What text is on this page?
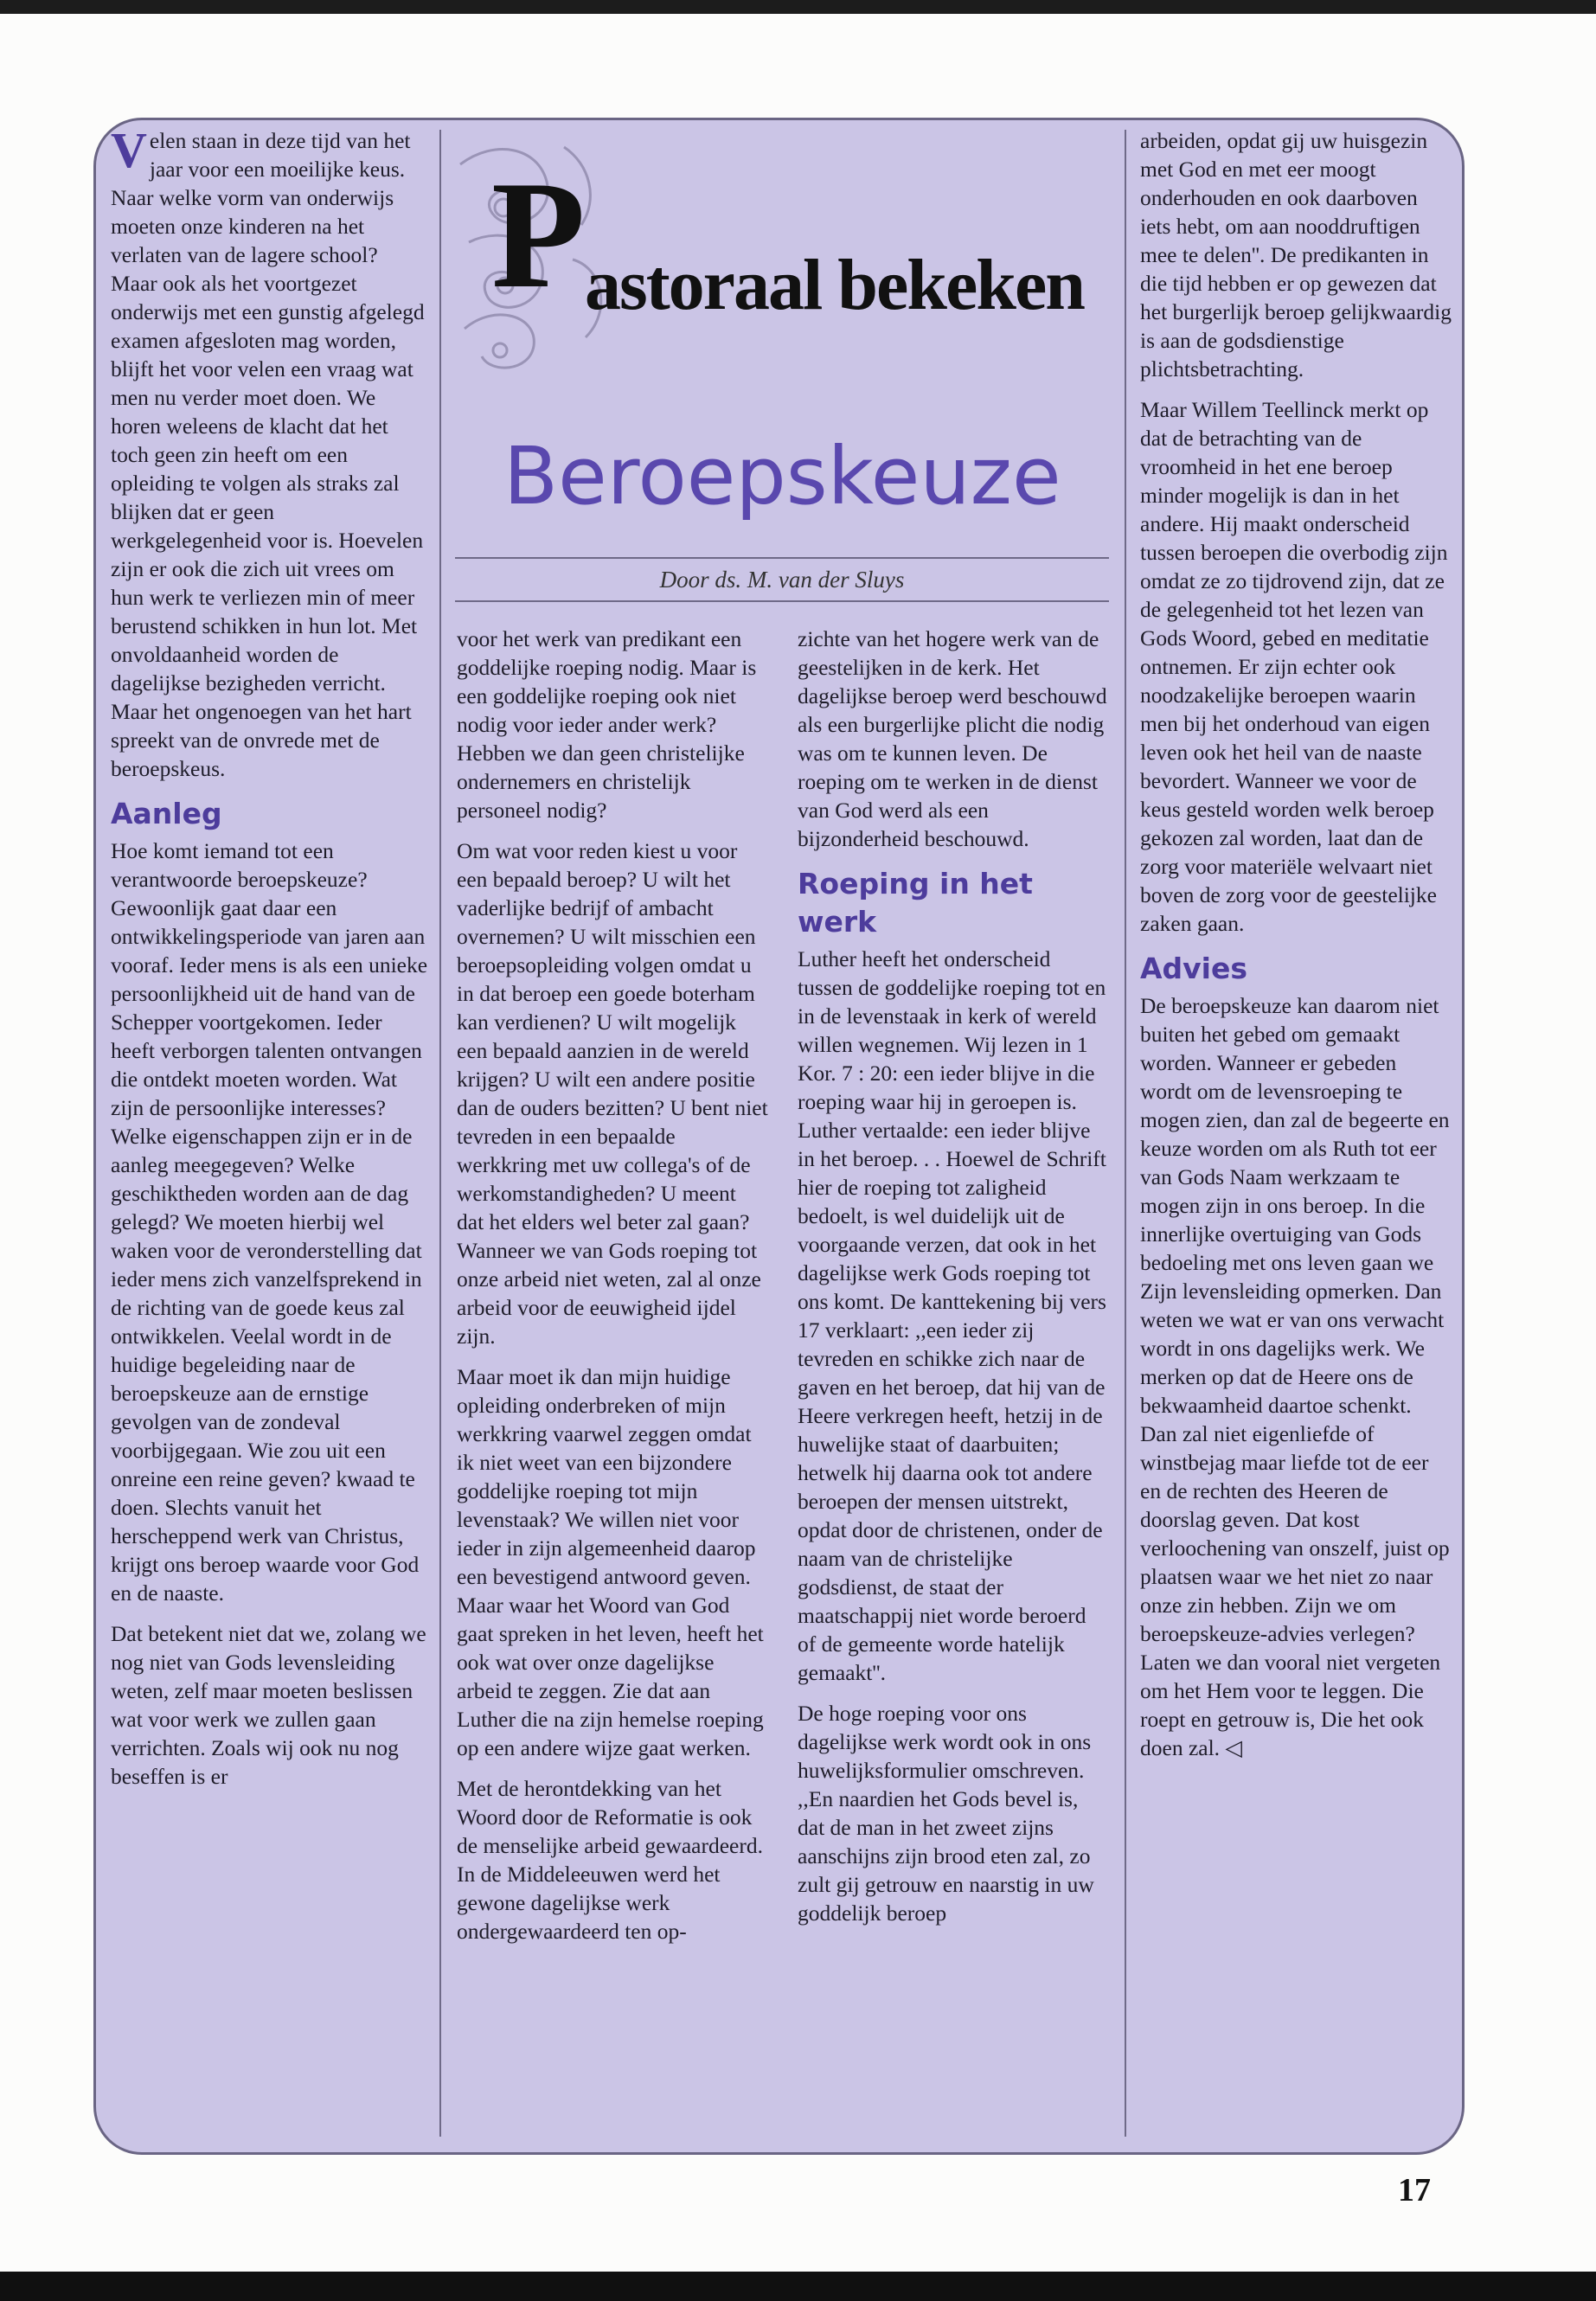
P astoraal bekeken
Beroepskeuze
Door ds. M. van der Sluys

Velen staan in deze tijd van het jaar voor een moeilijke keus. Naar welke vorm van onderwijs moeten onze kinderen na het verlaten van de lagere school? Maar ook als het voortgezet onderwijs met een gunstig afgelegd examen afgesloten mag worden, blijft het voor velen een vraag wat men nu verder moet doen. We horen weleens de klacht dat het toch geen zin heeft om een opleiding te volgen als straks zal blijken dat er geen werkgelegenheid voor is. Hoevelen zijn er ook die zich uit vrees om hun werk te verliezen min of meer berustend schikken in hun lot. Met onvoldaanheid worden de dagelijkse bezigheden verricht. Maar het ongenoegen van het hart spreekt van de onvrede met de beroepskeus.

Aanleg

Hoe komt iemand tot een verantwoorde beroepskeuze? Gewoonlijk gaat daar een ontwikkelingsperiode van jaren aan vooraf. Ieder mens is als een unieke persoonlijkheid uit de hand van de Schepper voortgekomen. Ieder heeft verborgen talenten ontvangen die ontdekt moeten worden. Wat zijn de persoonlijke interesses? Welke eigenschappen zijn er in de aanleg meegegeven? Welke geschiktheden worden aan de dag gelegd? We moeten hierbij wel waken voor de veronderstelling dat ieder mens zich vanzelfsprekend in de richting van de goede keus zal ontwikkelen. Veelal wordt in de huidige begeleiding naar de beroepskeuze aan de ernstige gevolgen van de zondeval voorbijgegaan. Wie zou uit een onreine een reine geven? kwaad te doen. Slechts vanuit het herscheppend werk van Christus, krijgt ons beroep waarde voor God en de naaste.

Dat betekent niet dat we, zolang we nog niet van Gods levensleiding weten, zelf maar moeten beslissen wat voor werk we zullen gaan verrichten. Zoals wij ook nu nog beseffen is er

voor het werk van predikant een goddelijke roeping nodig. Maar is een goddelijke roeping ook niet nodig voor ieder ander werk? Hebben we dan geen christelijke ondernemers en christelijk personeel nodig?

Om wat voor reden kiest u voor een bepaald beroep? U wilt het vaderlijke bedrijf of ambacht overnemen? U wilt misschien een beroepsopleiding volgen omdat u in dat beroep een goede boterham kan verdienen? U wilt mogelijk een bepaald aanzien in de wereld krijgen? U wilt een andere positie dan de ouders bezitten? U bent niet tevreden in een bepaalde werkkring met uw collega's of de werkomstandigheden? U meent dat het elders wel beter zal gaan? Wanneer we van Gods roeping tot onze arbeid niet weten, zal al onze arbeid voor de eeuwigheid ijdel zijn.

Maar moet ik dan mijn huidige opleiding onderbreken of mijn werkkring vaarwel zeggen omdat ik niet weet van een bijzondere goddelijke roeping tot mijn levenstaak? We willen niet voor ieder in zijn algemeenheid daarop een bevestigend antwoord geven. Maar waar het Woord van God gaat spreken in het leven, heeft het ook wat over onze dagelijkse arbeid te zeggen. Zie dat aan Luther die na zijn hemelse roeping op een andere wijze gaat werken.

Met de herontdekking van het Woord door de Reformatie is ook de menselijke arbeid gewaardeerd. In de Middeleeuwen werd het gewone dagelijkse werk ondergewaardeerd ten op-

zichte van het hogere werk van de geestelijken in de kerk. Het dagelijkse beroep werd beschouwd als een burgerlijke plicht die nodig was om te kunnen leven. De roeping om te werken in de dienst van God werd als een bijzonderheid beschouwd.

Roeping in het werk

Luther heeft het onderscheid tussen de goddelijke roeping tot en in de levenstaak in kerk of wereld willen wegnemen. Wij lezen in 1 Kor. 7 : 20: een ieder blijve in die roeping waar hij in geroepen is. Luther vertaalde: een ieder blijve in het beroep. . . Hoewel de Schrift hier de roeping tot zaligheid bedoelt, is wel duidelijk uit de voorgaande verzen, dat ook in het dagelijkse werk Gods roeping tot ons komt. De kanttekening bij vers 17 verklaart: ,,een ieder zij tevreden en schikke zich naar de gaven en het beroep, dat hij van de Heere verkregen heeft, hetzij in de huwelijke staat of daarbuiten; hetwelk hij daarna ook tot andere beroepen der mensen uitstrekt, opdat door de christenen, onder de naam van de christelijke godsdienst, de staat der maatschappij niet worde beroerd of de gemeente worde hatelijk gemaakt''.

De hoge roeping voor ons dagelijkse werk wordt ook in ons huwelijksformulier omschreven. ,,En naardien het Gods bevel is, dat de man in het zweet zijns aanschijns zijn brood eten zal, zo zult gij getrouw en naarstig in uw goddelijk beroep

arbeiden, opdat gij uw huisgezin met God en met eer moogt onderhouden en ook daarboven iets hebt, om aan nooddruftigen mee te delen''. De predikanten in die tijd hebben er op gewezen dat het burgerlijk beroep gelijkwaardig is aan de godsdienstige plichtsbetrachting.

Maar Willem Teellinck merkt op dat de betrachting van de vroomheid in het ene beroep minder mogelijk is dan in het andere. Hij maakt onderscheid tussen beroepen die overbodig zijn omdat ze zo tijdrovend zijn, dat ze de gelegenheid tot het lezen van Gods Woord, gebed en meditatie ontnemen. Er zijn echter ook noodzakelijke beroepen waarin men bij het onderhoud van eigen leven ook het heil van de naaste bevordert. Wanneer we voor de keus gesteld worden welk beroep gekozen zal worden, laat dan de zorg voor materiële welvaart niet boven de zorg voor de geestelijke zaken gaan.

Advies

De beroepskeuze kan daarom niet buiten het gebed om gemaakt worden. Wanneer er gebeden wordt om de levensroeping te mogen zien, dan zal de begeerte en keuze worden om als Ruth tot eer van Gods Naam werkzaam te mogen zijn in ons beroep. In die innerlijke overtuiging van Gods bedoeling met ons leven gaan we Zijn levensleiding opmerken. Dan weten we wat er van ons verwacht wordt in ons dagelijks werk. We merken op dat de Heere ons de bekwaamheid daartoe schenkt. Dan zal niet eigenliefde of winstbejag maar liefde tot de eer en de rechten des Heeren de doorslag geven. Dat kost verloochening van onszelf, juist op plaatsen waar we het niet zo naar onze zin hebben. Zijn we om beroepskeuze-advies verlegen? Laten we dan vooral niet vergeten om het Hem voor te leggen. Die roept en getrouw is, Die het ook doen zal. ◁

17
